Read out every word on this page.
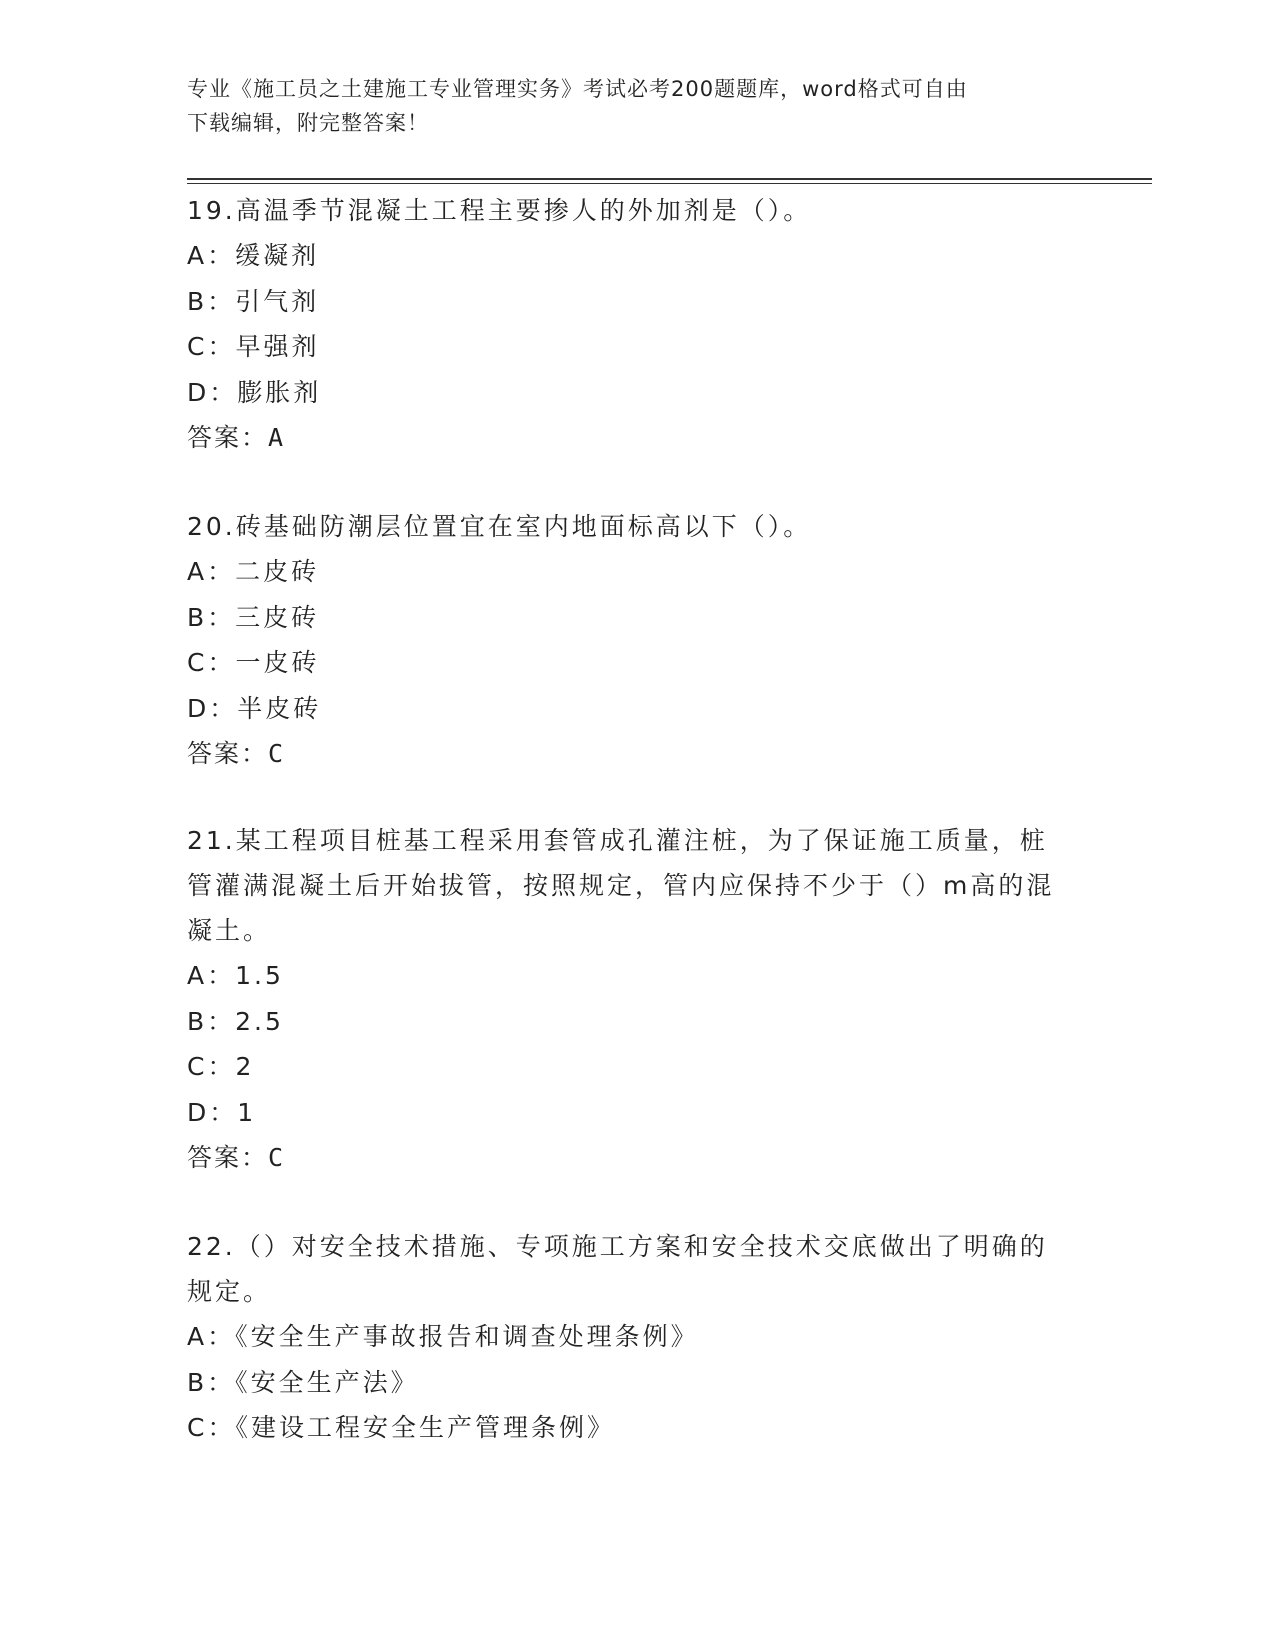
专业《施工员之土建施工专业管理实务》考试必考200题题库，word格式可自由
下载编辑，附完整答案！
19.高温季节混凝土工程主要掺人的外加剂是（）。
A：缓凝剂
B：引气剂
C：早强剂
D：膨胀剂
答案：A
20.砖基础防潮层位置宜在室内地面标高以下（）。
A：二皮砖
B：三皮砖
C：一皮砖
D：半皮砖
答案：C
21.某工程项目桩基工程采用套管成孔灌注桩，为了保证施工质量，桩
管灌满混凝土后开始拔管，按照规定，管内应保持不少于（）m高的混
凝土。
A：1.5
B：2.5
C：2
D：1
答案：C
22.（）对安全技术措施、专项施工方案和安全技术交底做出了明确的
规定。
A：《安全生产事故报告和调查处理条例》
B：《安全生产法》
C：《建设工程安全生产管理条例》
